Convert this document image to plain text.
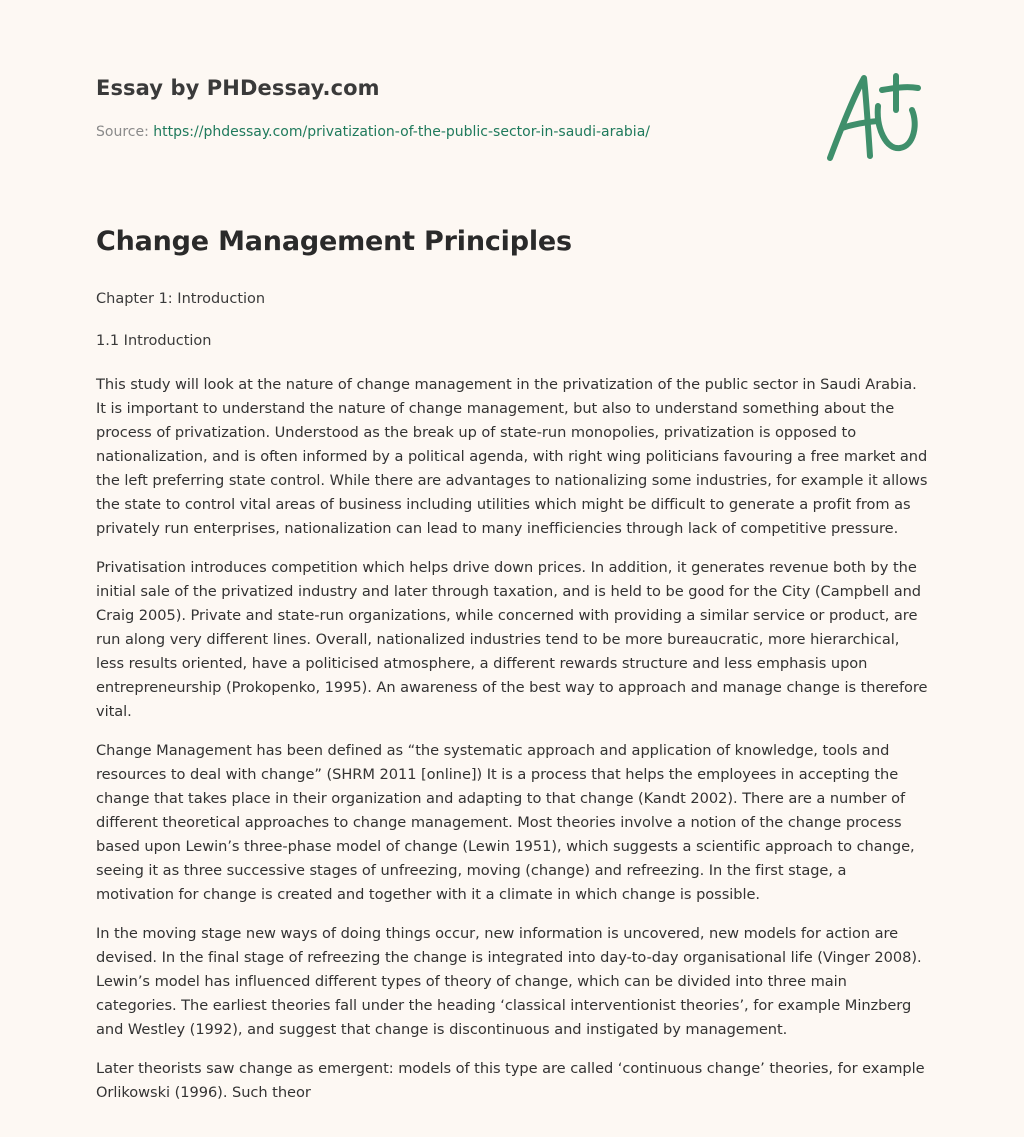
Essay by PHDessay.com
Source: https://phdessay.com/privatization-of-the-public-sector-in-saudi-arabia/
Change Management Principles

Chapter 1: Introduction

1.1 Introduction

This study will look at the nature of change management in the privatization of the public sector in Saudi Arabia. It is important to understand the nature of change management, but also to understand something about the process of privatization. Understood as the break up of state-run monopolies, privatization is opposed to nationalization, and is often informed by a political agenda, with right wing politicians favouring a free market and the left preferring state control. While there are advantages to nationalizing some industries, for example it allows the state to control vital areas of business including utilities which might be difficult to generate a profit from as privately run enterprises, nationalization can lead to many inefficiencies through lack of competitive pressure.

Privatisation introduces competition which helps drive down prices. In addition, it generates revenue both by the initial sale of the privatized industry and later through taxation, and is held to be good for the City (Campbell and Craig 2005). Private and state-run organizations, while concerned with providing a similar service or product, are run along very different lines. Overall, nationalized industries tend to be more bureaucratic, more hierarchical, less results oriented, have a politicised atmosphere, a different rewards structure and less emphasis upon entrepreneurship (Prokopenko, 1995). An awareness of the best way to approach and manage change is therefore vital.

Change Management has been defined as “the systematic approach and application of knowledge, tools and resources to deal with change” (SHRM 2011 [online]) It is a process that helps the employees in accepting the change that takes place in their organization and adapting to that change (Kandt 2002). There are a number of different theoretical approaches to change management. Most theories involve a notion of the change process based upon Lewin’s three-phase model of change (Lewin 1951), which suggests a scientific approach to change, seeing it as three successive stages of unfreezing, moving (change) and refreezing. In the first stage, a motivation for change is created and together with it a climate in which change is possible.

In the moving stage new ways of doing things occur, new information is uncovered, new models for action are devised. In the final stage of refreezing the change is integrated into day-to-day organisational life (Vinger 2008). Lewin’s model has influenced different types of theory of change, which can be divided into three main categories. The earliest theories fall under the heading ‘classical interventionist theories’, for example Minzberg and Westley (1992), and suggest that change is discontinuous and instigated by management.

Later theorists saw change as emergent: models of this type are called ‘continuous change’ theories, for example Orlikowski (1996). Such theor
